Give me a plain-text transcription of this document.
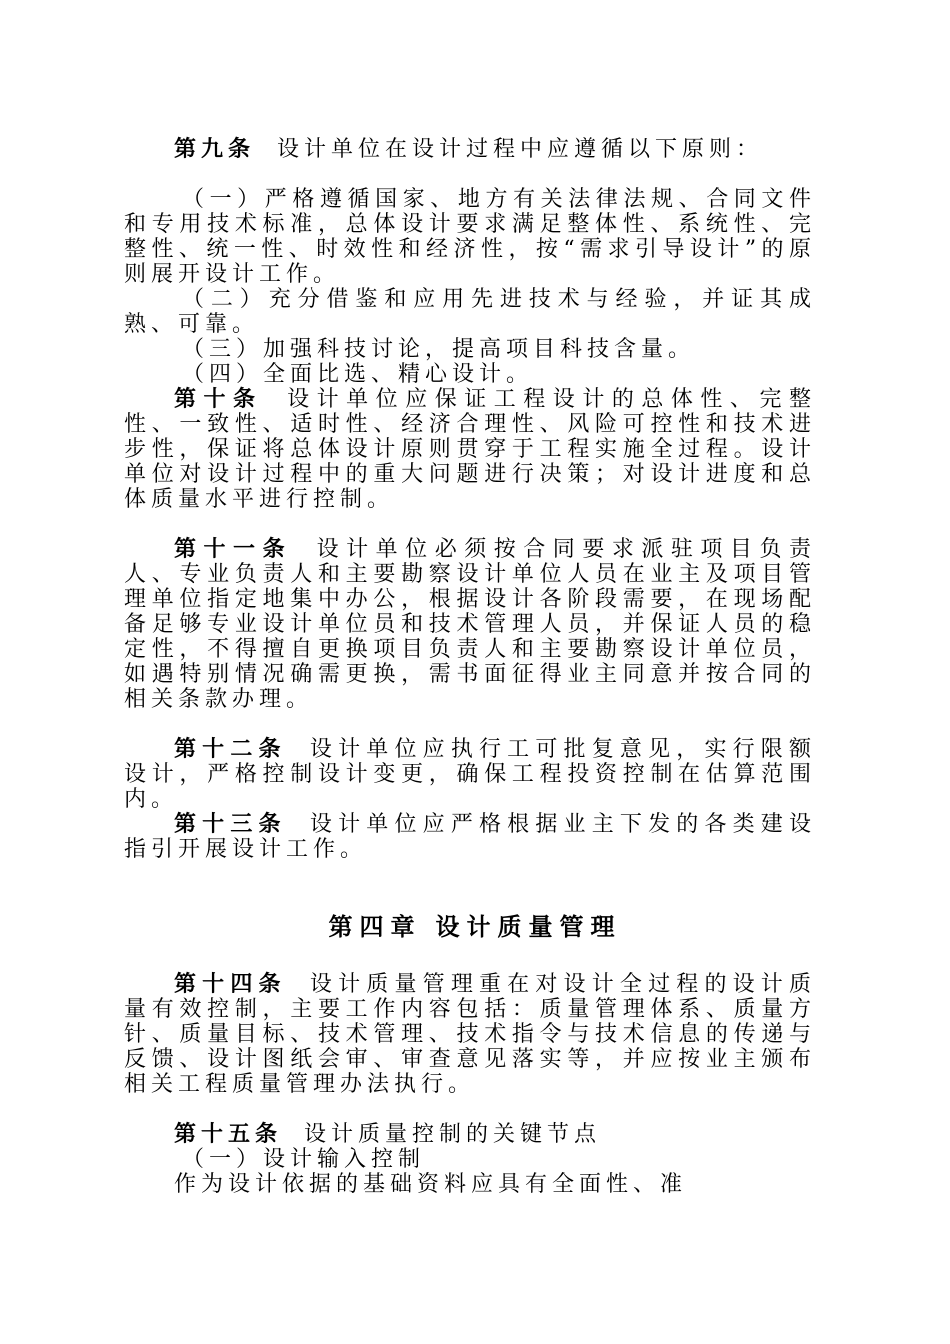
第九条 设计单位在设计过程中应遵循以下原则：
（一）严格遵循国家、地方有关法律法规、合同文件和专用技术标准，总体设计要求满足整体性、系统性、完整性、统一性、时效性和经济性，按“需求引导设计”的原则展开设计工作。
（二）充分借鉴和应用先进技术与经验，并证其成熟、可靠。
（三）加强科技讨论，提高项目科技含量。
（四）全面比选、精心设计。
第十条 设计单位应保证工程设计的总体性、完整性、一致性、适时性、经济合理性、风险可控性和技术进步性，保证将总体设计原则贯穿于工程实施全过程。设计单位对设计过程中的重大问题进行决策；对设计进度和总体质量水平进行控制。
第十一条 设计单位必须按合同要求派驻项目负责人、专业负责人和主要勘察设计单位人员在业主及项目管理单位指定地集中办公，根据设计各阶段需要，在现场配备足够专业设计单位员和技术管理人员，并保证人员的稳定性，不得擅自更换项目负责人和主要勘察设计单位员，如遇特别情况确需更换，需书面征得业主同意并按合同的相关条款办理。
第十二条 设计单位应执行工可批复意见，实行限额设计，严格控制设计变更，确保工程投资控制在估算范围内。
第十三条 设计单位应严格根据业主下发的各类建设指引开展设计工作。
第四章 设计质量管理
第十四条 设计质量管理重在对设计全过程的设计质量有效控制，主要工作内容包括：质量管理体系、质量方针、质量目标、技术管理、技术指令与技术信息的传递与反馈、设计图纸会审、审查意见落实等，并应按业主颁布相关工程质量管理办法执行。
第十五条 设计质量控制的关键节点
（一）设计输入控制
作为设计依据的基础资料应具有全面性、准
